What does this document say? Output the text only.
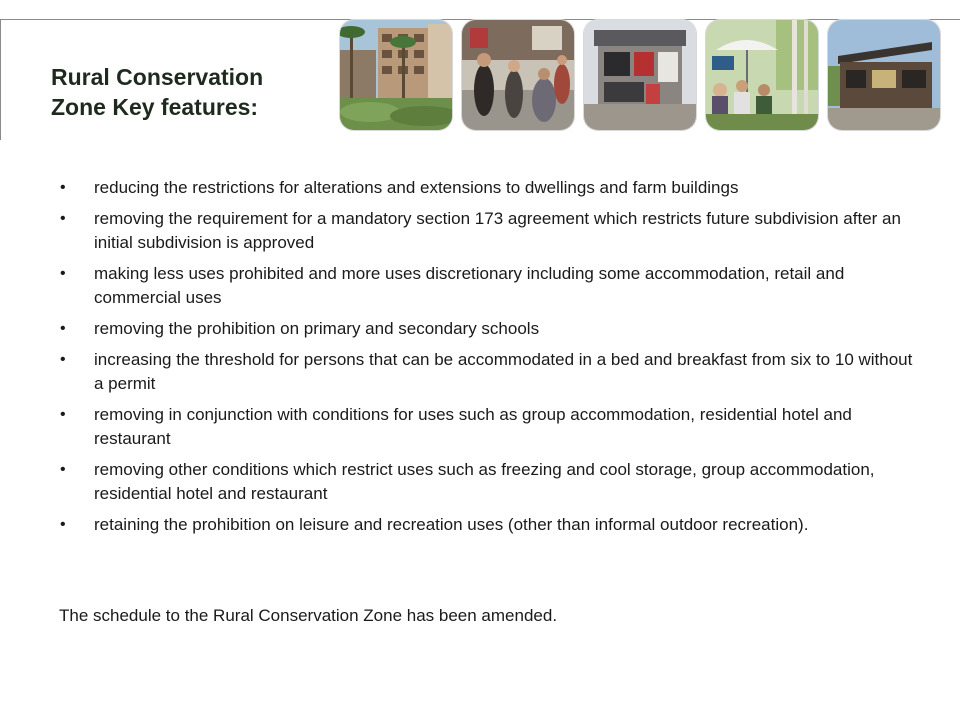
Rural Conservation
Zone Key features:
• reducing the restrictions for alterations and extensions to dwellings and farm buildings
• removing the requirement for a mandatory section 173 agreement which restricts future subdivision after an initial subdivision is approved
• making less uses prohibited and more uses discretionary including some accommodation, retail and commercial uses
• removing the prohibition on primary and secondary schools
• increasing the threshold for persons that can be accommodated in a bed and breakfast from six to 10 without a permit
• removing in conjunction with conditions for uses such as group accommodation, residential hotel and restaurant
• removing other conditions which restrict uses such as freezing and cool storage, group accommodation, residential hotel and restaurant
• retaining the prohibition on leisure and recreation uses (other than informal outdoor recreation).

The schedule to the Rural Conservation Zone has been amended.
